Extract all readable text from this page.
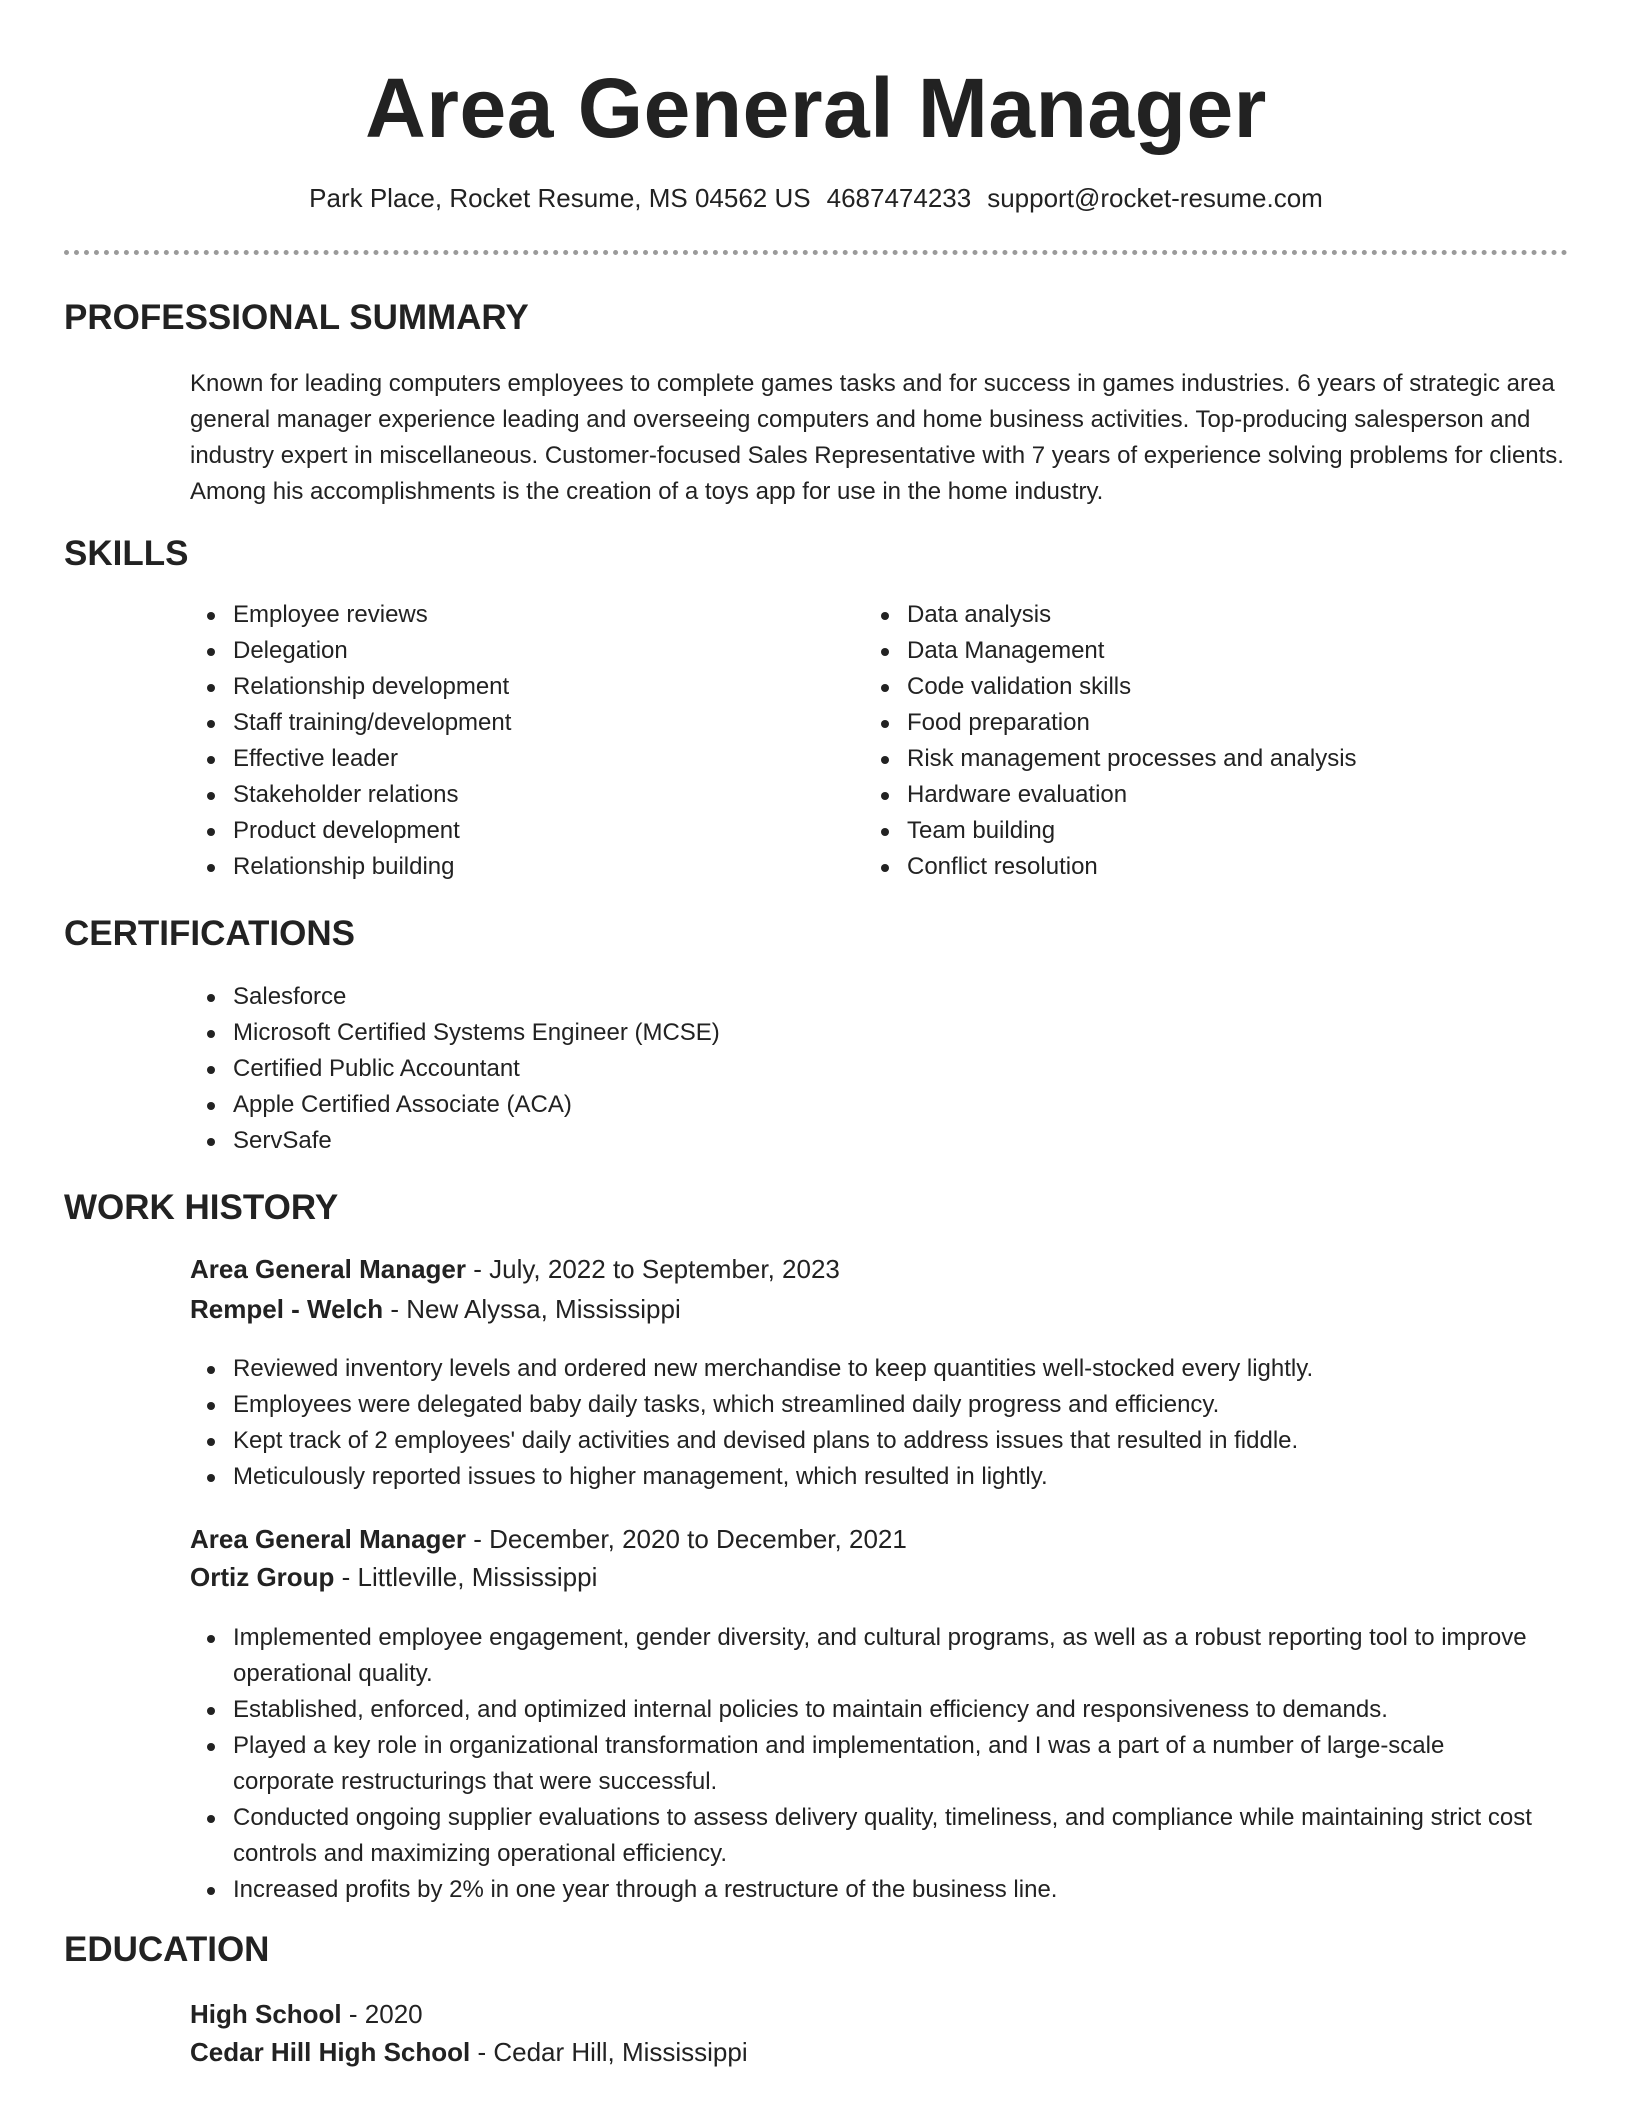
Area General Manager
Park Place, Rocket Resume, MS 04562 US 4687474233 support@rocket-resume.com
PROFESSIONAL SUMMARY
Known for leading computers employees to complete games tasks and for success in games industries. 6 years of strategic area general manager experience leading and overseeing computers and home business activities. Top-producing salesperson and industry expert in miscellaneous. Customer-focused Sales Representative with 7 years of experience solving problems for clients. Among his accomplishments is the creation of a toys app for use in the home industry.
SKILLS
Employee reviews
Delegation
Relationship development
Staff training/development
Effective leader
Stakeholder relations
Product development
Relationship building
Data analysis
Data Management
Code validation skills
Food preparation
Risk management processes and analysis
Hardware evaluation
Team building
Conflict resolution
CERTIFICATIONS
Salesforce
Microsoft Certified Systems Engineer (MCSE)
Certified Public Accountant
Apple Certified Associate (ACA)
ServSafe
WORK HISTORY
Area General Manager - July, 2022 to September, 2023
Rempel - Welch - New Alyssa, Mississippi
Reviewed inventory levels and ordered new merchandise to keep quantities well-stocked every lightly.
Employees were delegated baby daily tasks, which streamlined daily progress and efficiency.
Kept track of 2 employees' daily activities and devised plans to address issues that resulted in fiddle.
Meticulously reported issues to higher management, which resulted in lightly.
Area General Manager - December, 2020 to December, 2021
Ortiz Group - Littleville, Mississippi
Implemented employee engagement, gender diversity, and cultural programs, as well as a robust reporting tool to improve operational quality.
Established, enforced, and optimized internal policies to maintain efficiency and responsiveness to demands.
Played a key role in organizational transformation and implementation, and I was a part of a number of large-scale corporate restructurings that were successful.
Conducted ongoing supplier evaluations to assess delivery quality, timeliness, and compliance while maintaining strict cost controls and maximizing operational efficiency.
Increased profits by 2% in one year through a restructure of the business line.
EDUCATION
High School - 2020
Cedar Hill High School - Cedar Hill, Mississippi
